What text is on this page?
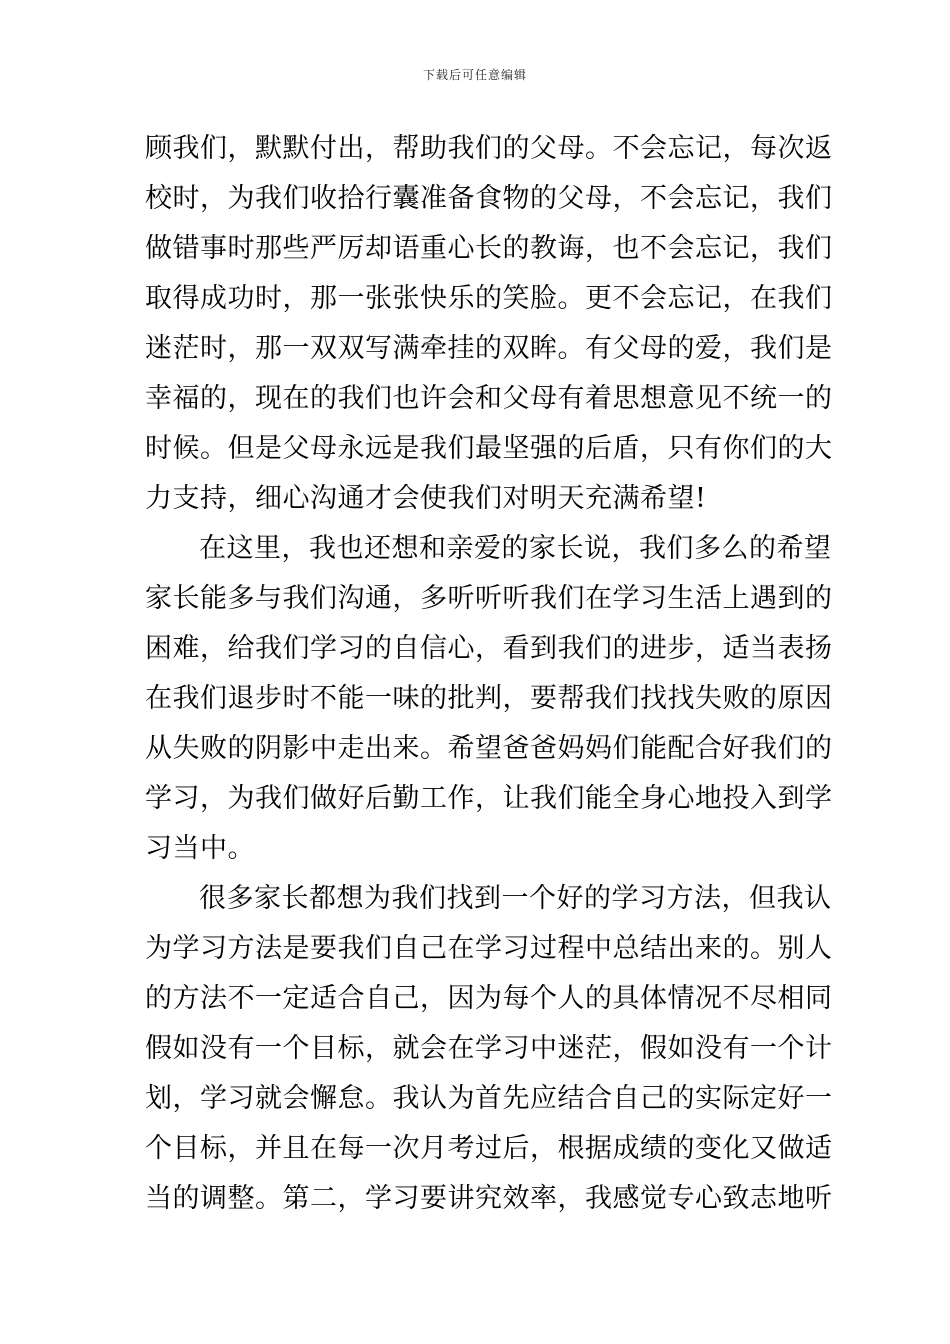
下载后可任意编辑
顾我们，默默付出，帮助我们的父母。不会忘记，每次返
校时，为我们收拾行囊准备食物的父母，不会忘记，我们
做错事时那些严厉却语重心长的教诲，也不会忘记，我们
取得成功时，那一张张快乐的笑脸。更不会忘记，在我们
迷茫时，那一双双写满牵挂的双眸。有父母的爱，我们是
幸福的，现在的我们也许会和父母有着思想意见不统一的
时候。但是父母永远是我们最坚强的后盾，只有你们的大
力支持，细心沟通才会使我们对明天充满希望!
在这里，我也还想和亲爱的家长说，我们多么的希望
家长能多与我们沟通，多听听听我们在学习生活上遇到的
困难，给我们学习的自信心，看到我们的进步，适当表扬
在我们退步时不能一味的批判，要帮我们找找失败的原因
从失败的阴影中走出来。希望爸爸妈妈们能配合好我们的
学习，为我们做好后勤工作，让我们能全身心地投入到学
习当中。
很多家长都想为我们找到一个好的学习方法，但我认
为学习方法是要我们自己在学习过程中总结出来的。别人
的方法不一定适合自己，因为每个人的具体情况不尽相同
假如没有一个目标，就会在学习中迷茫，假如没有一个计
划，学习就会懈怠。我认为首先应结合自己的实际定好一
个目标，并且在每一次月考过后，根据成绩的变化又做适
当的调整。第二，学习要讲究效率，我感觉专心致志地听
